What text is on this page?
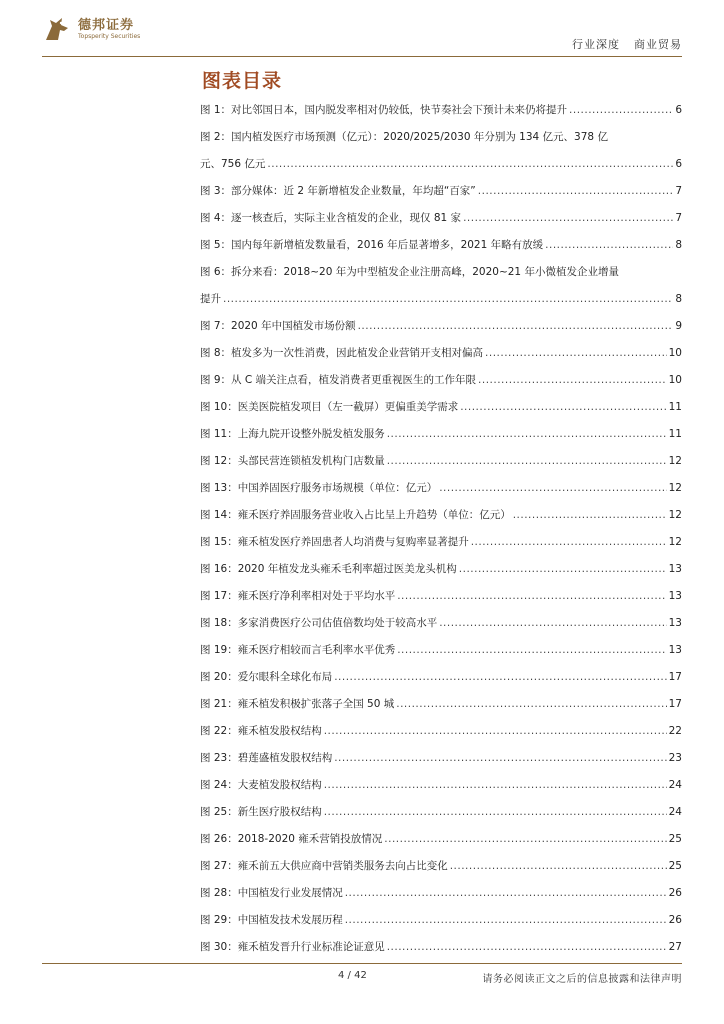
德邦证券
Topsperity Securities
行业深度 商业贸易
图表目录
图 1：对比邻国日本，国内脱发率相对仍较低，快节奏社会下预计未来仍将提升 .....	6
图 2：国内植发医疗市场预测（亿元）：2020/2025/2030 年分别为 134 亿元、378 亿
元、756 亿元 .....	6
图 3：部分媒体：近 2 年新增植发企业数量，年均超“百家” .....	7
图 4：逐一核查后，实际主业含植发的企业，现仅 81 家 .....	7
图 5：国内每年新增植发数量看，2016 年后显著增多，2021 年略有放缓 .....	8
图 6：拆分来看：2018~20 年为中型植发企业注册高峰，2020~21 年小微植发企业增量
提升 .....	8
图 7：2020 年中国植发市场份额 .....	9
图 8：植发多为一次性消费，因此植发企业营销开支相对偏高 .....	10
图 9：从 C 端关注点看，植发消费者更重视医生的工作年限 .....	10
图 10：医美医院植发项目（左一截屏）更偏重美学需求 .....	11
图 11：上海九院开设整外脱发植发服务 .....	11
图 12：头部民营连锁植发机构门店数量 .....	12
图 13：中国养固医疗服务市场规模（单位：亿元） .....	12
图 14：雍禾医疗养固服务营业收入占比呈上升趋势（单位：亿元） .....	12
图 15：雍禾植发医疗养固患者人均消费与复购率显著提升 .....	12
图 16：2020 年植发龙头雍禾毛利率超过医美龙头机构 .....	13
图 17：雍禾医疗净利率相对处于平均水平 .....	13
图 18：多家消费医疗公司估值倍数均处于较高水平 .....	13
图 19：雍禾医疗相较而言毛利率水平优秀 .....	13
图 20：爱尔眼科全球化布局 .....	17
图 21：雍禾植发积极扩张落子全国 50 城 .....	17
图 22：雍禾植发股权结构 .....	22
图 23：碧莲盛植发股权结构 .....	23
图 24：大麦植发股权结构 .....	24
图 25：新生医疗股权结构 .....	24
图 26：2018-2020 雍禾营销投放情况 .....	25
图 27：雍禾前五大供应商中营销类服务去向占比变化 .....	25
图 28：中国植发行业发展情况 .....	26
图 29：中国植发技术发展历程 .....	26
图 30：雍禾植发晋升行业标准论证意见 .....	27
4 / 42	请务必阅读正文之后的信息披露和法律声明
